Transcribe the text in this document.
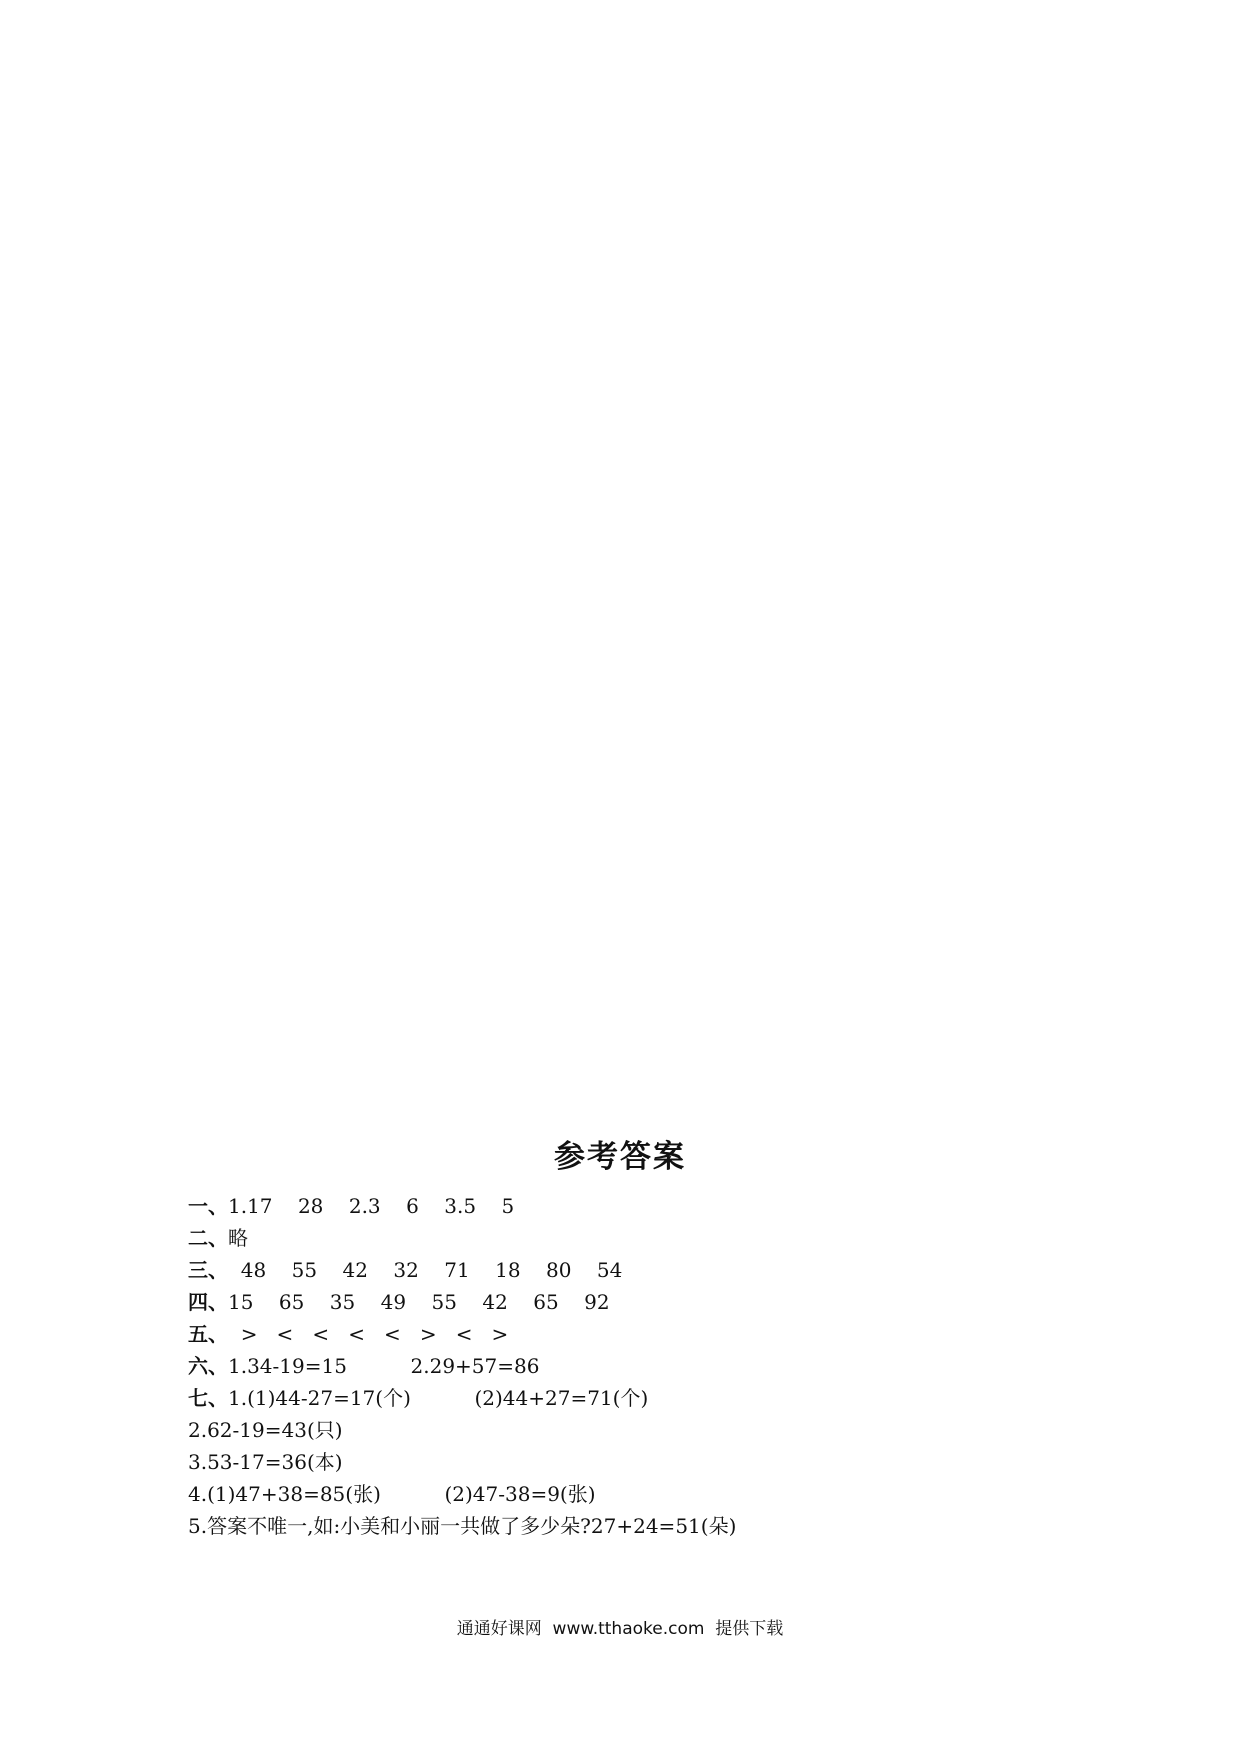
参考答案
一、1.17    28    2.3    6    3.5    5
二、略
三、  48    55    42    32    71    18    80    54
四、15    65    35    49    55    42    65    92
五、  >   <   <   <   <   >   <   >
六、1.34-19=15          2.29+57=86
七、1.(1)44-27=17(个)          (2)44+27=71(个)
2.62-19=43(只)
3.53-17=36(本)
4.(1)47+38=85(张)          (2)47-38=9(张)
5.答案不唯一,如:小美和小丽一共做了多少朵?27+24=51(朵)
通通好课网  www.tthaoke.com  提供下载
